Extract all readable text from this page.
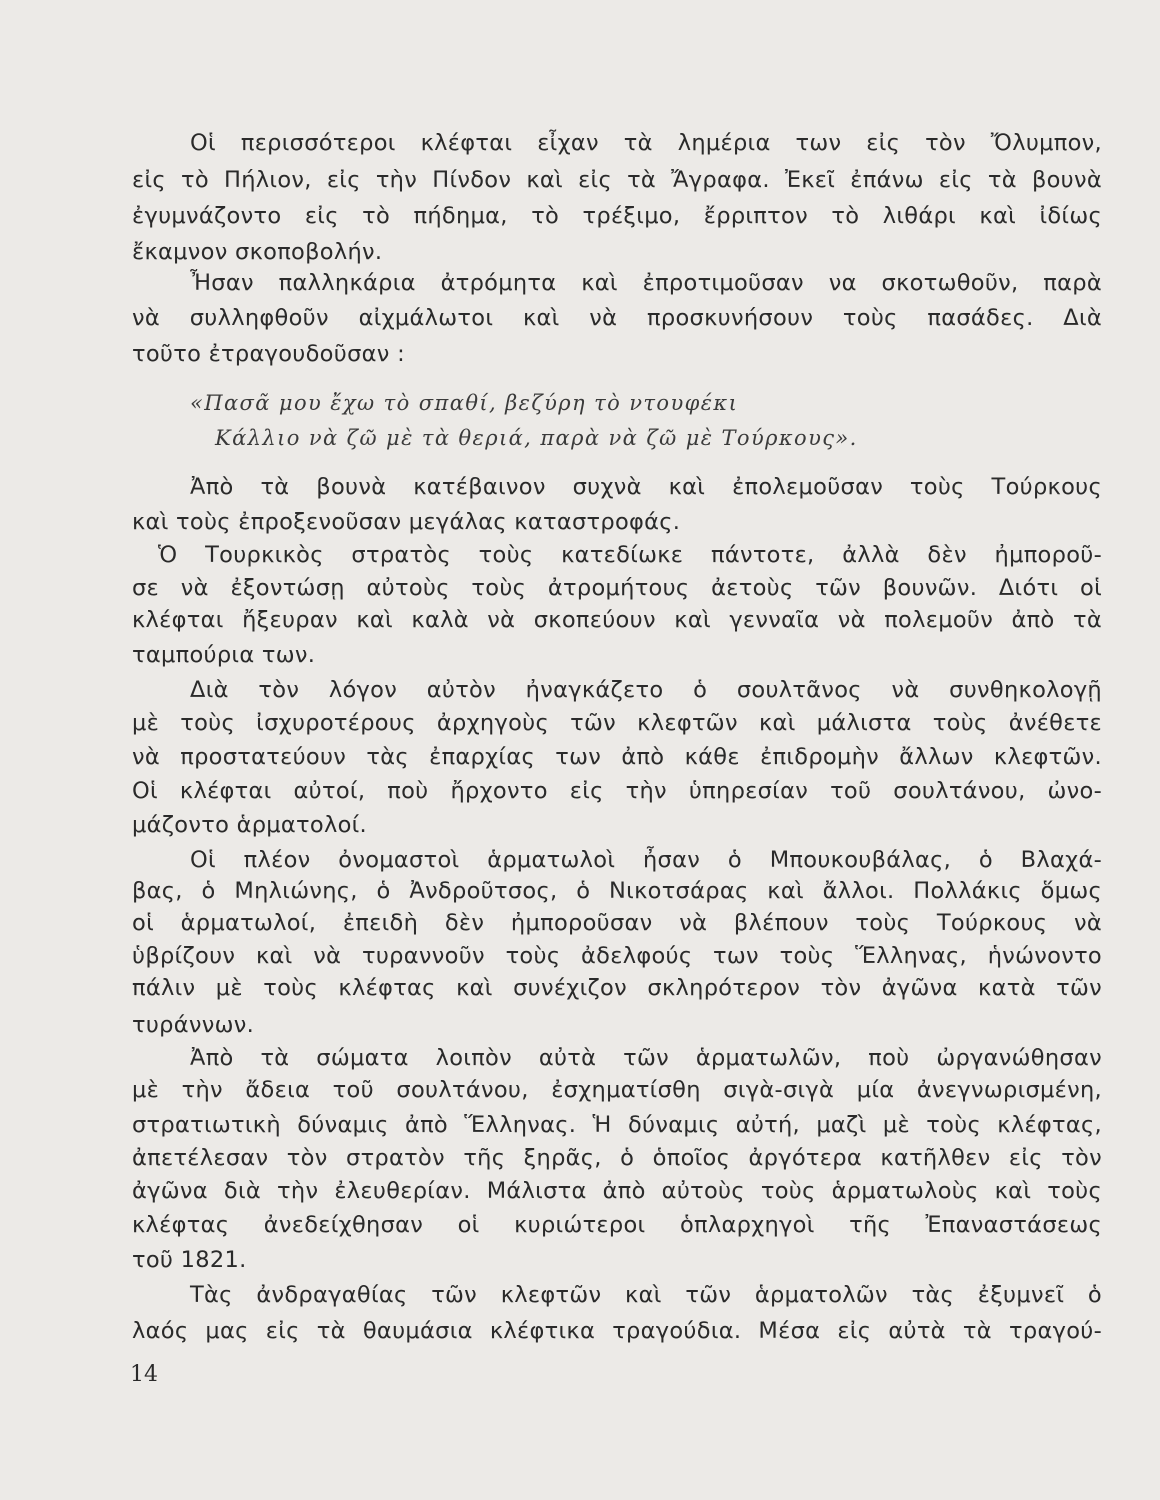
Οἱ περισσότεροι κλέφται εἶχαν τὰ λημέρια των εἰς τὸν Ὄλυμπον,

εἰς τὸ Πήλιον, εἰς τὴν Πίνδον καὶ εἰς τὰ Ἄγραφα. Ἐκεῖ ἐπάνω εἰς τὰ βουνὰ

ἐγυμνάζοντο εἰς τὸ πήδημα, τὸ τρέξιμο, ἔρριπτον τὸ λιθάρι καὶ ἰδίως

ἔκαμνον σκοποβολήν.

Ἦσαν παλληκάρια ἀτρόμητα καὶ ἐπροτιμοῦσαν να σκοτωθοῦν, παρὰ

νὰ συλληφθοῦν αἰχμάλωτοι καὶ νὰ προσκυνήσουν τοὺς πασάδες. Διὰ

τοῦτο ἐτραγουδοῦσαν :

«Πασᾶ μου ἔχω τὸ σπαθί, βεζύρη τὸ ντουφέκι

Κάλλιο νὰ ζῶ μὲ τὰ θεριά, παρὰ νὰ ζῶ μὲ Τούρκους».

Ἀπὸ τὰ βουνὰ κατέβαινον συχνὰ καὶ ἐπολεμοῦσαν τοὺς Τούρκους

καὶ τοὺς ἐπροξενοῦσαν μεγάλας καταστροφάς.

Ὁ Τουρκικὸς στρατὸς τοὺς κατεδίωκε πάντοτε, ἀλλὰ δὲν ἠμποροῦ-

σε νὰ ἐξοντώσῃ αὐτοὺς τοὺς ἀτρομήτους ἀετοὺς τῶν βουνῶν. Διότι οἱ

κλέφται ἤξευραν καὶ καλὰ νὰ σκοπεύουν καὶ γενναῖα νὰ πολεμοῦν ἀπὸ τὰ

ταμπούρια των.

Διὰ τὸν λόγον αὐτὸν ἠναγκάζετο ὁ σουλτᾶνος νὰ συνθηκολογῇ

μὲ τοὺς ἰσχυροτέρους ἀρχηγοὺς τῶν κλεφτῶν καὶ μάλιστα τοὺς ἀνέθετε

νὰ προστατεύουν τὰς ἐπαρχίας των ἀπὸ κάθε ἐπιδρομὴν ἄλλων κλεφτῶν.

Οἱ κλέφται αὐτοί, ποὺ ἤρχοντο εἰς τὴν ὑπηρεσίαν τοῦ σουλτάνου, ὠνο-

μάζοντο ἁρματολοί.

Οἱ πλέον ὀνομαστοὶ ἁρματωλοὶ ἦσαν ὁ Μπουκουβάλας, ὁ Βλαχά-

βας, ὁ Μηλιώνης, ὁ Ἀνδροῦτσος, ὁ Νικοτσάρας καὶ ἄλλοι. Πολλάκις ὅμως

οἱ ἁρματωλοί, ἐπειδὴ δὲν ἠμποροῦσαν νὰ βλέπουν τοὺς Τούρκους νὰ

ὑβρίζουν καὶ νὰ τυραννοῦν τοὺς ἀδελφούς των τοὺς Ἕλληνας, ἡνώνοντο

πάλιν μὲ τοὺς κλέφτας καὶ συνέχιζον σκληρότερον τὸν ἀγῶνα κατὰ τῶν

τυράννων.

Ἀπὸ τὰ σώματα λοιπὸν αὐτὰ τῶν ἁρματωλῶν, ποὺ ὠργανώθησαν

μὲ τὴν ἄδεια τοῦ σουλτάνου, ἐσχηματίσθη σιγὰ-σιγὰ μία ἀνεγνωρισμένη,

στρατιωτικὴ δύναμις ἀπὸ Ἕλληνας. Ἡ δύναμις αὐτή, μαζὶ μὲ τοὺς κλέφτας,

ἀπετέλεσαν τὸν στρατὸν τῆς ξηρᾶς, ὁ ὁποῖος ἀργότερα κατῆλθεν εἰς τὸν

ἀγῶνα διὰ τὴν ἐλευθερίαν. Μάλιστα ἀπὸ αὐτοὺς τοὺς ἁρματωλοὺς καὶ τοὺς

κλέφτας ἀνεδείχθησαν οἱ κυριώτεροι ὁπλαρχηγοὶ τῆς Ἐπαναστάσεως

τοῦ 1821.

Τὰς ἀνδραγαθίας τῶν κλεφτῶν καὶ τῶν ἁρματολῶν τὰς ἐξυμνεῖ ὁ

λαός μας εἰς τὰ θαυμάσια κλέφτικα τραγούδια. Μέσα εἰς αὐτὰ τὰ τραγού-

14
